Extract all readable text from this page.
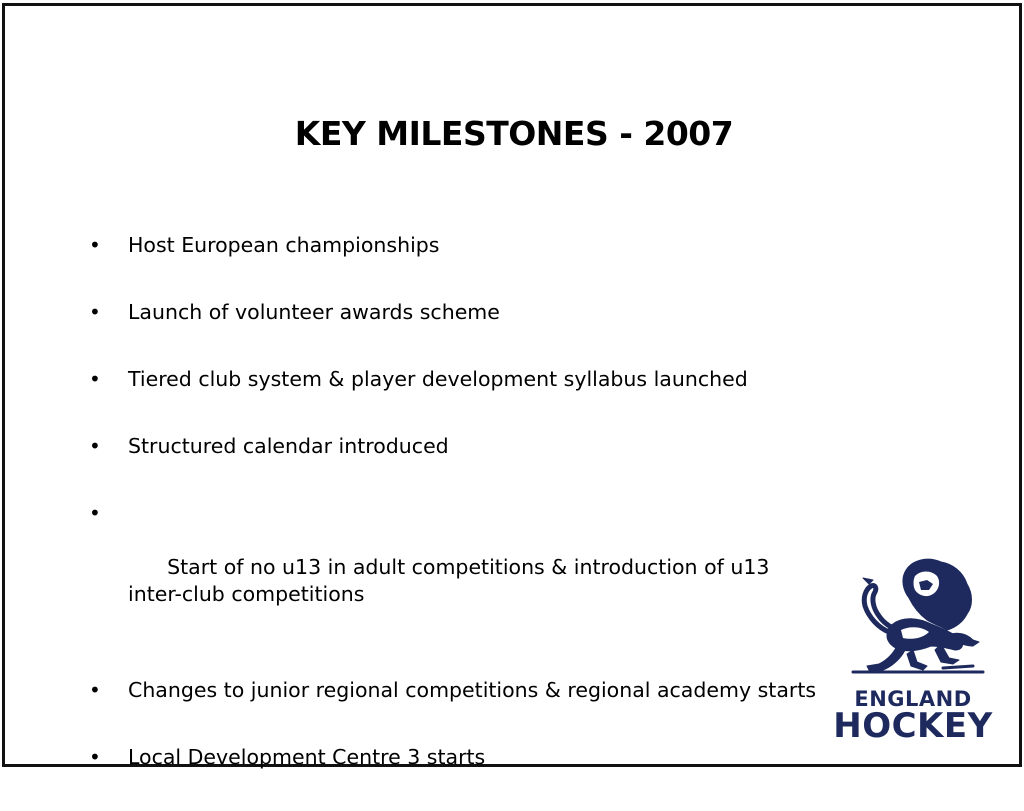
KEY MILESTONES - 2007
• Host European championships
• Launch of volunteer awards scheme
• Tiered club system & player development syllabus launched
• Structured calendar introduced

•

Start of no u13 in adult competitions & introduction of u13    inter-club competitions

• Changes to junior regional competitions & regional academy starts
• Local Development Centre 3 starts
ENGLAND
HOCKEY
